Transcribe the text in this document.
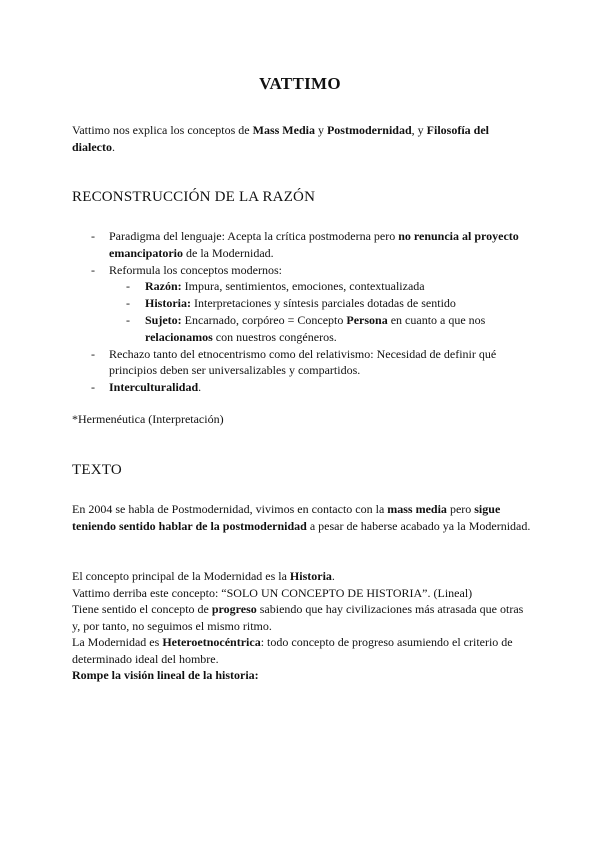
VATTIMO

Vattimo nos explica los conceptos de Mass Media y Postmodernidad, y Filosofía del dialecto.

RECONSTRUCCIÓN DE LA RAZÓN
- Paradigma del lenguaje: Acepta la crítica postmoderna pero no renuncia al proyecto emancipatorio de la Modernidad.
- Reformula los conceptos modernos:
- Razón: Impura, sentimientos, emociones, contextualizada
- Historia: Interpretaciones y síntesis parciales dotadas de sentido
- Sujeto: Encarnado, corpóreo = Concepto Persona en cuanto a que nos relacionamos con nuestros congéneros.
- Rechazo tanto del etnocentrismo como del relativismo: Necesidad de definir qué principios deben ser universalizables y compartidos.
- Interculturalidad.

*Hermenéutica (Interpretación)

TEXTO

En 2004 se habla de Postmodernidad, vivimos en contacto con la mass media pero sigue teniendo sentido hablar de la postmodernidad a pesar de haberse acabado ya la Modernidad.

El concepto principal de la Modernidad es la Historia.
Vattimo derriba este concepto: “SOLO UN CONCEPTO DE HISTORIA”. (Lineal)
Tiene sentido el concepto de progreso sabiendo que hay civilizaciones más atrasada que otras y, por tanto, no seguimos el mismo ritmo.
La Modernidad es Heteroetnocéntrica: todo concepto de progreso asumiendo el criterio de determinado ideal del hombre.
Rompe la visión lineal de la historia:
